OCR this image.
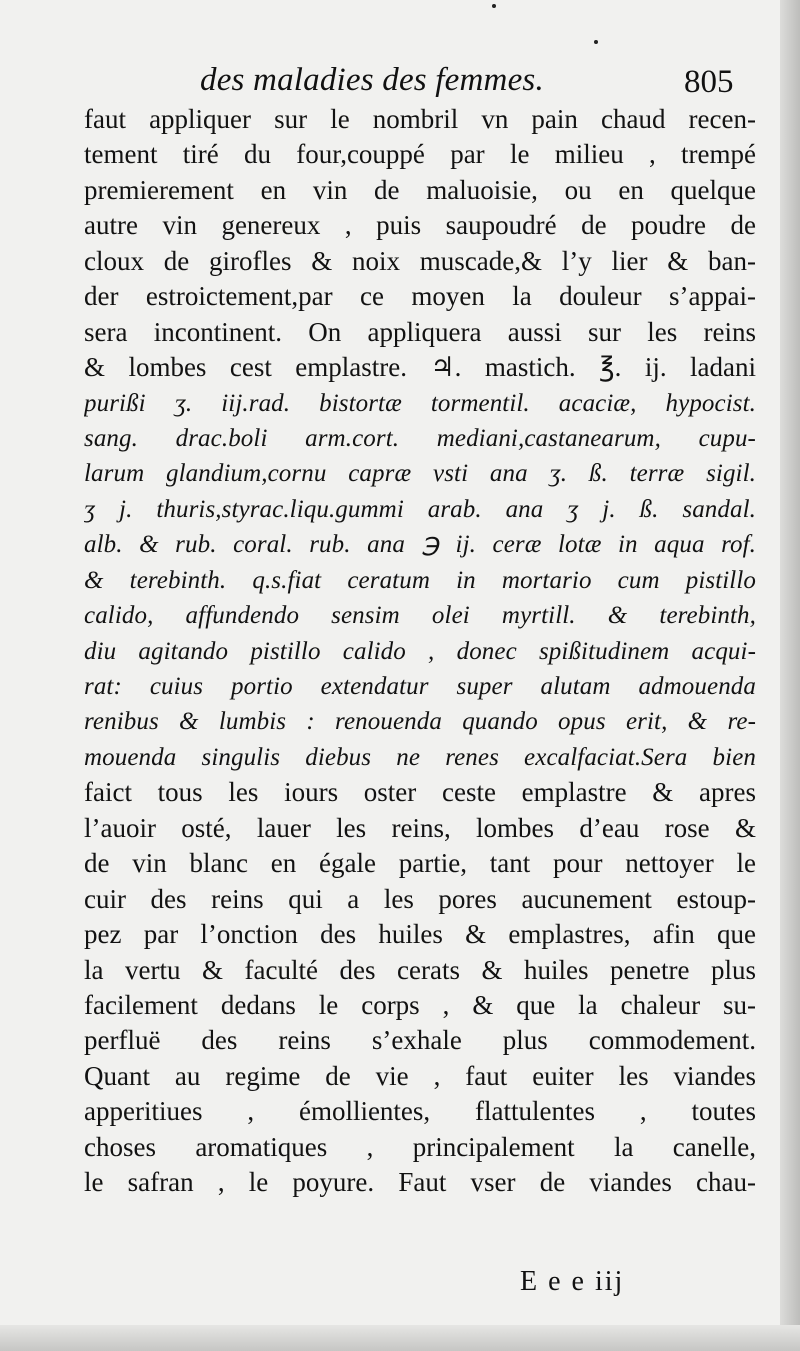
des maladies des femmes.	805
faut appliquer sur le nombril vn pain chaud recen-
tement tiré du four,couppé par le milieu , trempé
premierement en vin de maluoisie, ou en quelque
autre vin genereux , puis saupoudré de poudre de
cloux de girofles & noix muscade,& l’y lier & ban-
der estroictement,par ce moyen la douleur s’appai-
sera incontinent. On appliquera aussi sur les reins
& lombes cest emplastre. ♃. mastich. ℥. ij. ladani
purißi ʒ. iij.rad. bistortæ tormentil. acaciæ, hypocist.
sang. drac.boli arm.cort. mediani,castanearum, cupu-
larum glandium,cornu capræ vsti ana ʒ. ß. terræ sigil.
ʒ j. thuris,styrac.liqu.gummi arab. ana ʒ j. ß. sandal.
alb. & rub. coral. rub. ana ℈ ij. ceræ lotæ in aqua rof.
& terebinth. q.s.fiat ceratum in mortario cum pistillo
calido, affundendo sensim olei myrtill. & terebinth,
diu agitando pistillo calido , donec spißitudinem acqui-
rat: cuius portio extendatur super alutam admouenda
renibus & lumbis : renouenda quando opus erit, & re-
mouenda singulis diebus ne renes excalfaciat.Sera bien
faict tous les iours oster ceste emplastre & apres
l’auoir osté, lauer les reins, lombes d’eau rose &
de vin blanc en égale partie, tant pour nettoyer le
cuir des reins qui a les pores aucunement estoup-
pez par l’onction des huiles & emplastres, afin que
la vertu & faculté des cerats & huiles penetre plus
facilement dedans le corps , & que la chaleur su-
perfluë des reins s’exhale plus commodement.
Quant au regime de vie , faut euiter les viandes
apperitiues , émollientes, flattulentes , toutes
choses aromatiques , principalement la canelle,
le safran , le poyure. Faut vser de viandes chau-
E e e iij
